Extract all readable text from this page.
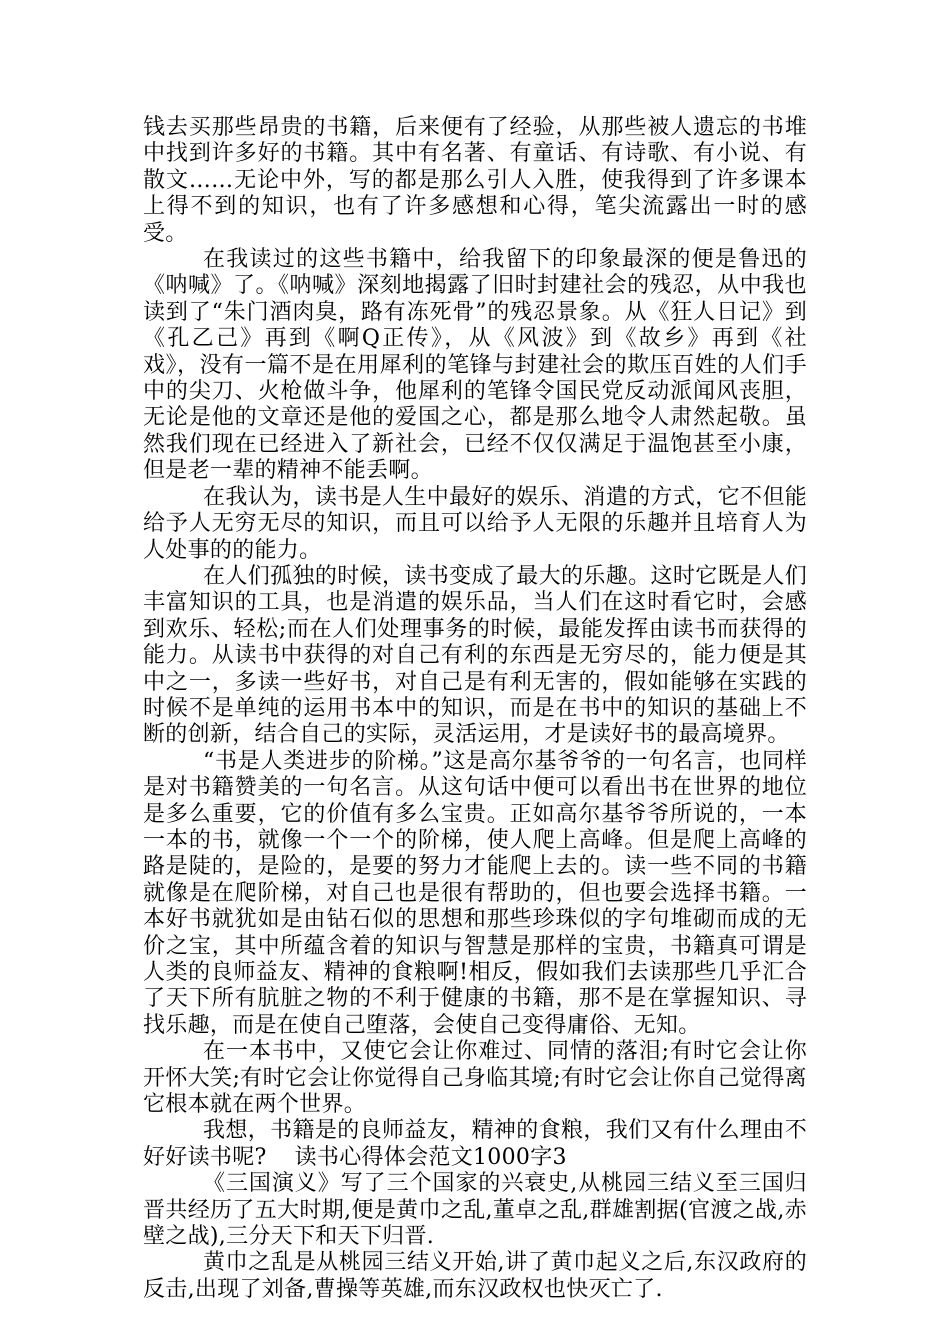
钱去买那些昂贵的书籍，后来便有了经验，从那些被人遗忘的书堆中找到许多好的书籍。其中有名著、有童话、有诗歌、有小说、有散文……无论中外，写的都是那么引人入胜，使我得到了许多课本上得不到的知识，也有了许多感想和心得，笔尖流露出一时的感受。

在我读过的这些书籍中，给我留下的印象最深的便是鲁迅的《呐喊》了。《呐喊》深刻地揭露了旧时封建社会的残忍，从中我也读到了“朱门酒肉臭，路有冻死骨”的残忍景象。从《狂人日记》到《孔乙己》再到《啊Q正传》，从《风波》到《故乡》再到《社戏》，没有一篇不是在用犀利的笔锋与封建社会的欺压百姓的人们手中的尖刀、火枪做斗争，他犀利的笔锋令国民党反动派闻风丧胆，无论是他的文章还是他的爱国之心，都是那么地令人肃然起敬。虽然我们现在已经进入了新社会，已经不仅仅满足于温饱甚至小康，但是老一辈的精神不能丢啊。

在我认为，读书是人生中最好的娱乐、消遣的方式，它不但能给予人无穷无尽的知识，而且可以给予人无限的乐趣并且培育人为人处事的的能力。

在人们孤独的时候，读书变成了最大的乐趣。这时它既是人们丰富知识的工具，也是消遣的娱乐品，当人们在这时看它时，会感到欢乐、轻松;而在人们处理事务的时候，最能发挥由读书而获得的能力。从读书中获得的对自己有利的东西是无穷尽的，能力便是其中之一，多读一些好书，对自己是有利无害的，假如能够在实践的时候不是单纯的运用书本中的知识，而是在书中的知识的基础上不断的创新，结合自己的实际，灵活运用，才是读好书的最高境界。

“书是人类进步的阶梯。”这是高尔基爷爷的一句名言，也同样是对书籍赞美的一句名言。从这句话中便可以看出书在世界的地位是多么重要，它的价值有多么宝贵。正如高尔基爷爷所说的，一本一本的书，就像一个一个的阶梯，使人爬上高峰。但是爬上高峰的路是陡的，是险的，是要的努力才能爬上去的。读一些不同的书籍就像是在爬阶梯，对自己也是很有帮助的，但也要会选择书籍。一本好书就犹如是由钻石似的思想和那些珍珠似的字句堆砌而成的无价之宝，其中所蕴含着的知识与智慧是那样的宝贵，书籍真可谓是人类的良师益友、精神的食粮啊!相反，假如我们去读那些几乎汇合了天下所有肮脏之物的不利于健康的书籍，那不是在掌握知识、寻找乐趣，而是在使自己堕落，会使自己变得庸俗、无知。

在一本书中，又使它会让你难过、同情的落泪;有时它会让你开怀大笑;有时它会让你觉得自己身临其境;有时它会让你自己觉得离它根本就在两个世界。

我想，书籍是的良师益友，精神的食粮，我们又有什么理由不好好读书呢? 读书心得体会范文1000字3

《三国演义》写了三个国家的兴衰史,从桃园三结义至三国归晋共经历了五大时期,便是黄巾之乱,董卓之乱,群雄割据(官渡之战,赤壁之战),三分天下和天下归晋.

黄巾之乱是从桃园三结义开始,讲了黄巾起义之后,东汉政府的反击,出现了刘备,曹操等英雄,而东汉政权也快灭亡了.
